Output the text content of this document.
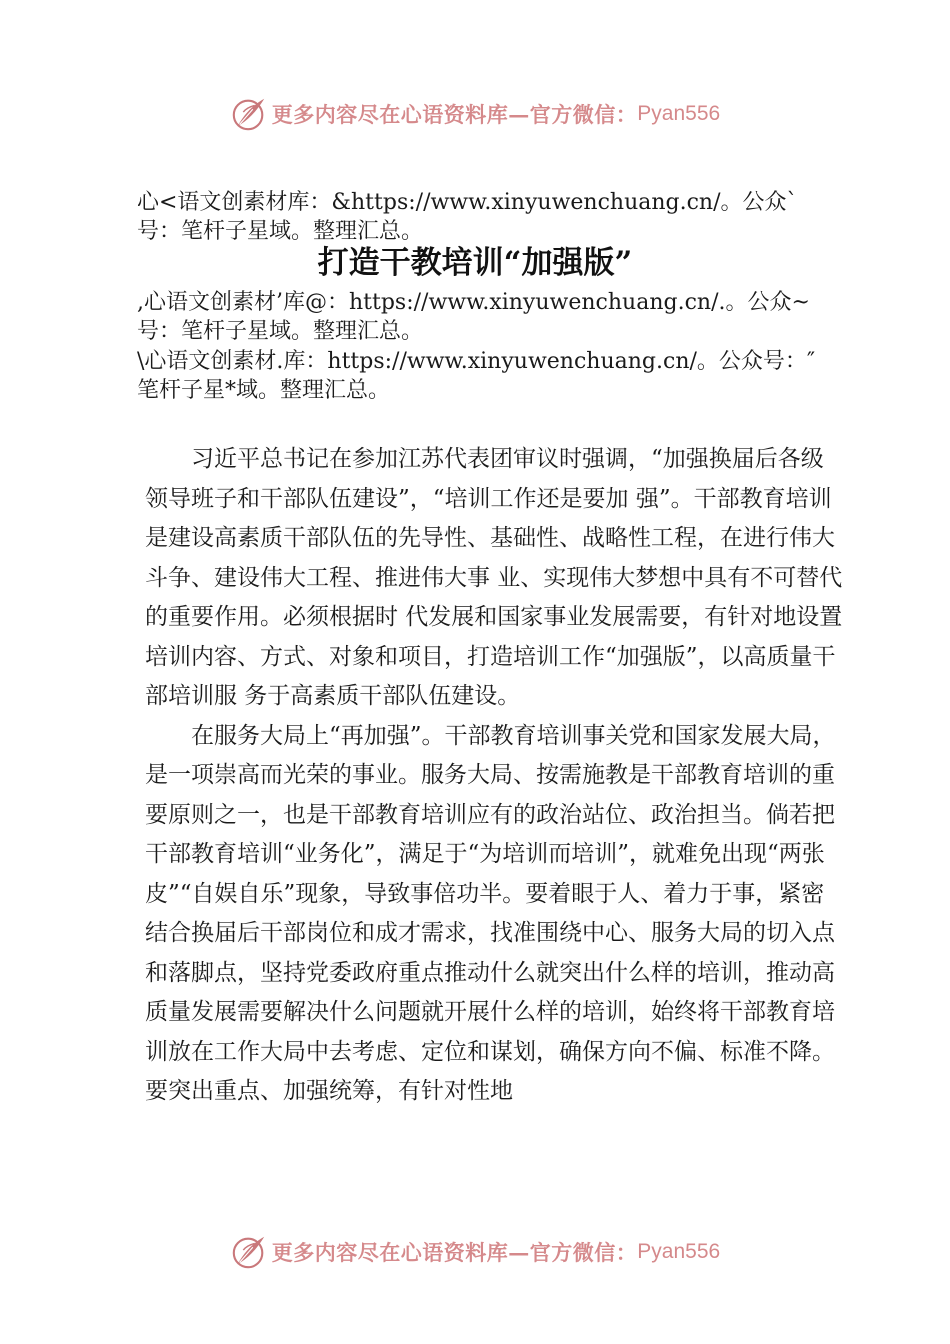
更多内容尽在心语资料库—官方微信： Pyan556
心<语文创素材库：&https://www.xinyuwenchuang.cn/。公众`号：笔杆子星域。整理汇总。
打造干教培训“加强版”
,心语文创素材’库@：https://www.xinyuwenchuang.cn/.。公众~号：笔杆子星域。整理汇总。
\心语文创素材.库：https://www.xinyuwenchuang.cn/。公众号：″笔杆子星*域。整理汇总。

习近平总书记在参加江苏代表团审议时强调，“加强换届后各级领导班子和干部队伍建设”，“培训工作还是要加 强”。干部教育培训是建设高素质干部队伍的先导性、基础性、战略性工程，在进行伟大斗争、建设伟大工程、推进伟大事 业、实现伟大梦想中具有不可替代的重要作用。必须根据时 代发展和国家事业发展需要，有针对地设置培训内容、方式、对象和项目，打造培训工作“加强版”，以高质量干部培训服 务于高素质干部队伍建设。

在服务大局上“再加强”。干部教育培训事关党和国家发展大局，是一项崇高而光荣的事业。服务大局、按需施教是干部教育培训的重要原则之一，也是干部教育培训应有的政治站位、政治担当。倘若把干部教育培训“业务化”，满足于“为培训而培训”，就难免出现“两张皮”“自娱自乐”现象，导致事倍功半。要着眼于人、着力于事，紧密结合换届后干部岗位和成才需求，找准围绕中心、服务大局的切入点和落脚点，坚持党委政府重点推动什么就突出什么样的培训，推动高质量发展需要解决什么问题就开展什么样的培训，始终将干部教育培训放在工作大局中去考虑、定位和谋划，确保方向不偏、标准不降。要突出重点、加强统筹，有针对性地

更多内容尽在心语资料库—官方微信： Pyan556
